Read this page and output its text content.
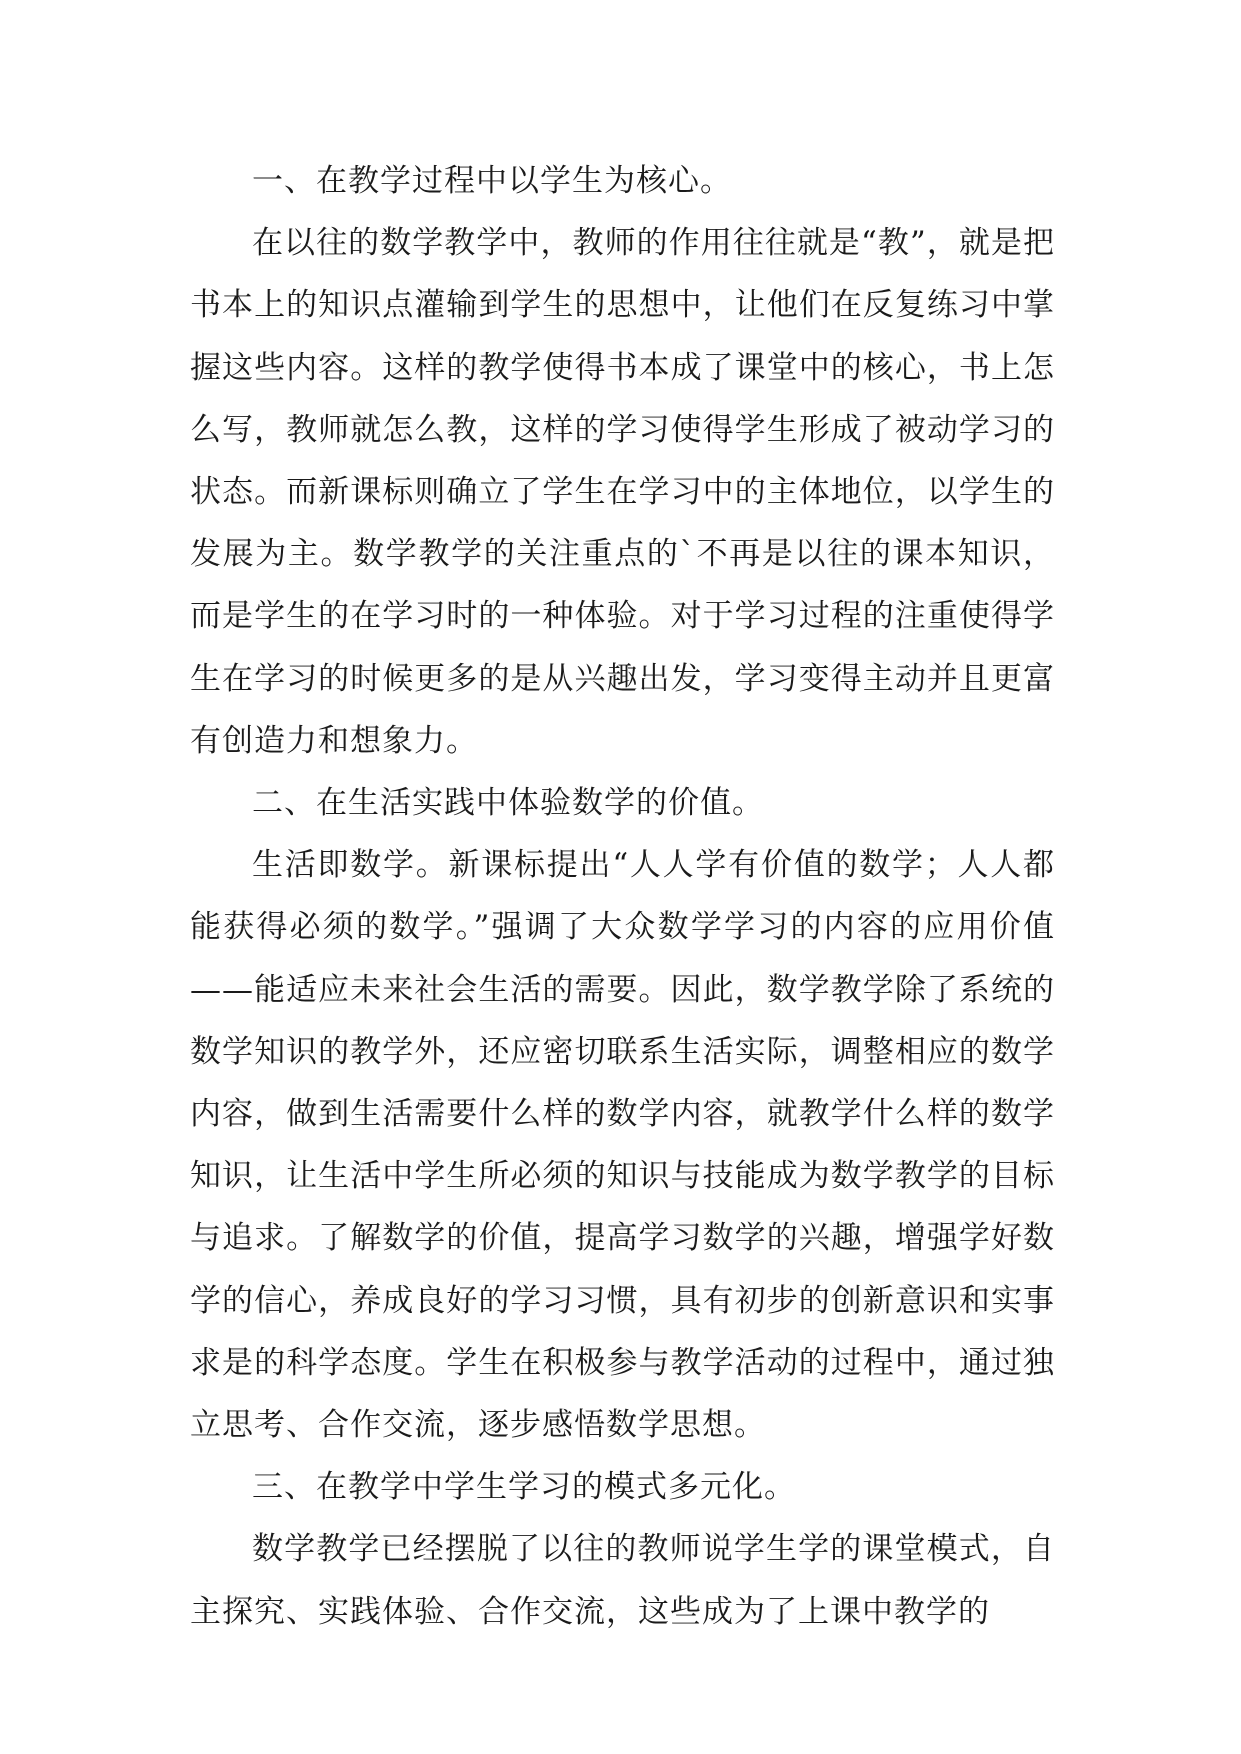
一、在教学过程中以学生为核心。

在以往的数学教学中，教师的作用往往就是“教”，就是把书本上的知识点灌输到学生的思想中，让他们在反复练习中掌握这些内容。这样的教学使得书本成了课堂中的核心，书上怎么写，教师就怎么教，这样的学习使得学生形成了被动学习的状态。而新课标则确立了学生在学习中的主体地位，以学生的发展为主。数学教学的关注重点的`不再是以往的课本知识，而是学生的在学习时的一种体验。对于学习过程的注重使得学生在学习的时候更多的是从兴趣出发，学习变得主动并且更富有创造力和想象力。

二、在生活实践中体验数学的价值。

生活即数学。新课标提出“人人学有价值的数学；人人都能获得必须的数学。”强调了大众数学学习的内容的应用价值——能适应未来社会生活的需要。因此，数学教学除了系统的数学知识的教学外，还应密切联系生活实际，调整相应的数学内容，做到生活需要什么样的数学内容，就教学什么样的数学知识，让生活中学生所必须的知识与技能成为数学教学的目标与追求。了解数学的价值，提高学习数学的兴趣，增强学好数学的信心，养成良好的学习习惯，具有初步的创新意识和实事求是的科学态度。学生在积极参与教学活动的过程中，通过独立思考、合作交流，逐步感悟数学思想。

三、在教学中学生学习的模式多元化。

数学教学已经摆脱了以往的教师说学生学的课堂模式，自主探究、实践体验、合作交流，这些成为了上课中教学的
